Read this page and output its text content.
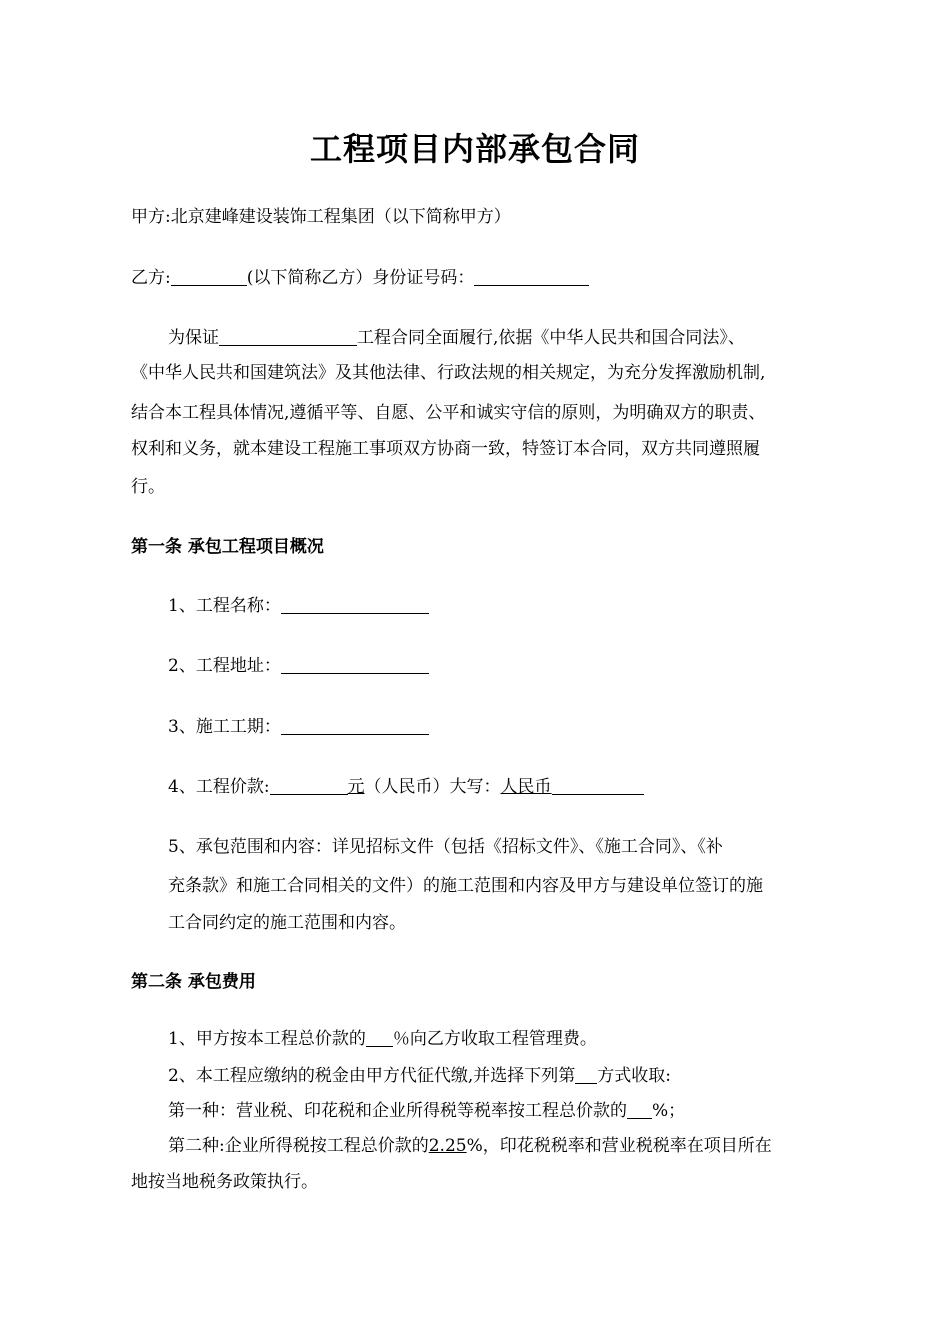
工程项目内部承包合同
甲方:北京建峰建设装饰工程集团（以下简称甲方）
乙方:	(以下简称乙方）身份证号码：
为保证	工程合同全面履行,依据《中华人民共和国合同法》、
《中华人民共和国建筑法》及其他法律、行政法规的相关规定，为充分发挥激励机制,
结合本工程具体情况,遵循平等、自愿、公平和诚实守信的原则，为明确双方的职责、
权利和义务，就本建设工程施工事项双方协商一致，特签订本合同，双方共同遵照履
行。
第一条 承包工程项目概况
1、工程名称：
2、工程地址：
3、施工工期：
4、工程价款:	元（人民币）大写：人民币
5、承包范围和内容：详见招标文件（包括《招标文件》、《施工合同》、《补
充条款》和施工合同相关的文件）的施工范围和内容及甲方与建设单位签订的施
工合同约定的施工范围和内容。
第二条 承包费用
1、甲方按本工程总价款的 ％向乙方收取工程管理费。
2、本工程应缴纳的税金由甲方代征代缴,并选择下列第 方式收取:
第一种：营业税、印花税和企业所得税等税率按工程总价款的 %；
第二种:企业所得税按工程总价款的2.25%，印花税税率和营业税税率在项目所在
地按当地税务政策执行。
